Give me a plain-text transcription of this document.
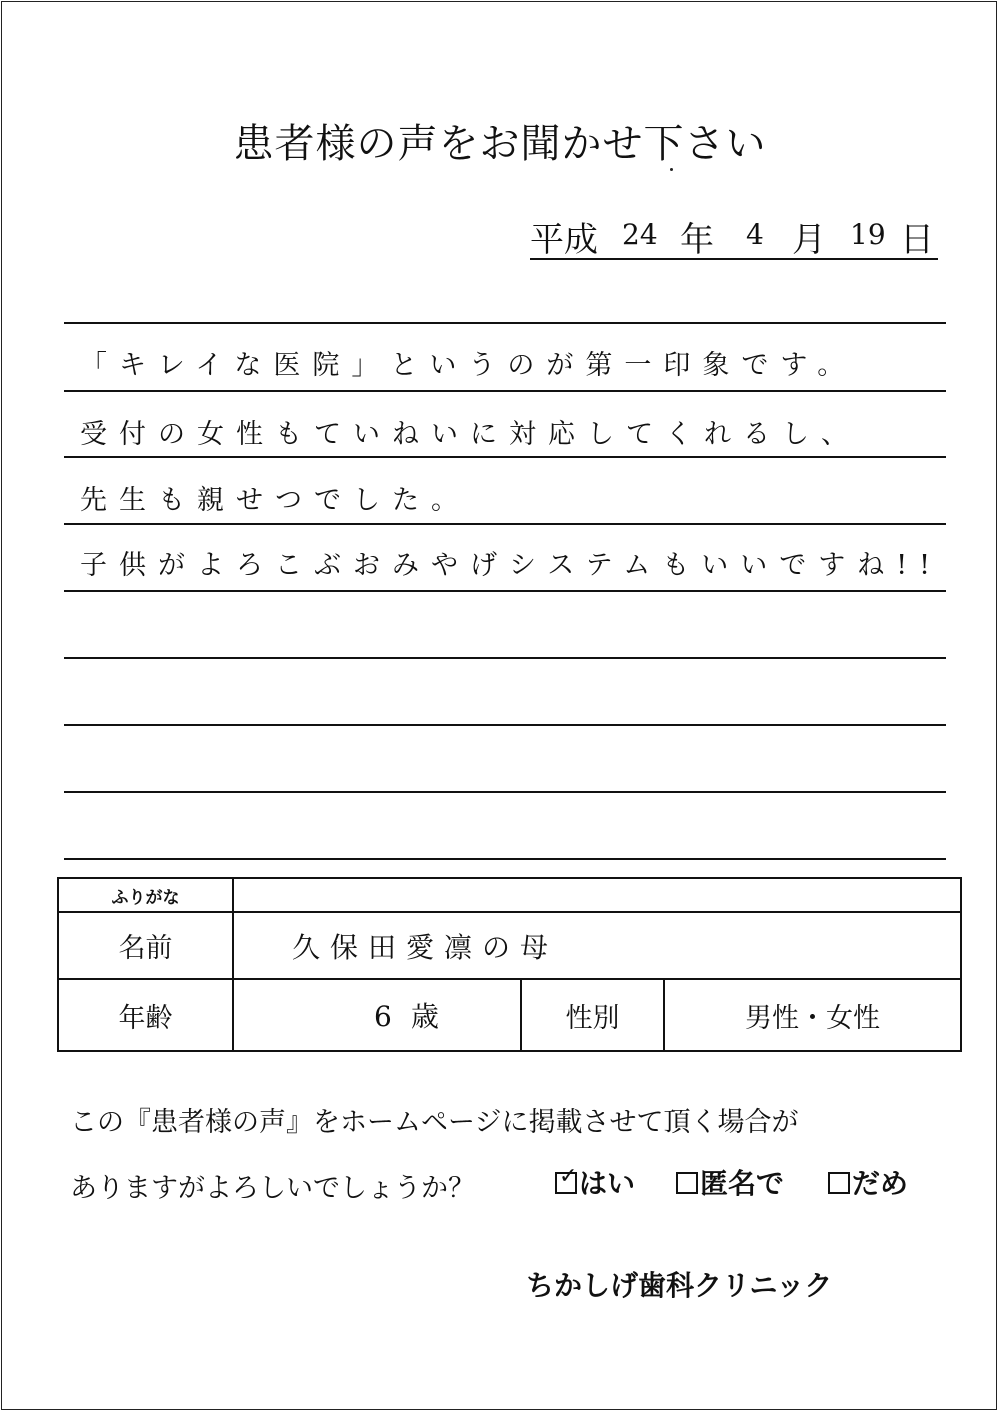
患者様の声をお聞かせ下さい
平成 24 年 4 月 19 日
「キレイな医院」というのが第一印象です。
受付の女性もていねいに対応してくれるし、
先生も親せつでした。
子供がよろこぶおみやげシステムもいいですね!!
ふりがな			
名前	久保田愛凛の母		
年齢	6 歳	性別	男性・女性
この『患者様の声』をホームページに掲載させて頂く場合が
ありますがよろしいでしょうか？	✓ はい	匿名で	だめ
ちかしげ歯科クリニック
